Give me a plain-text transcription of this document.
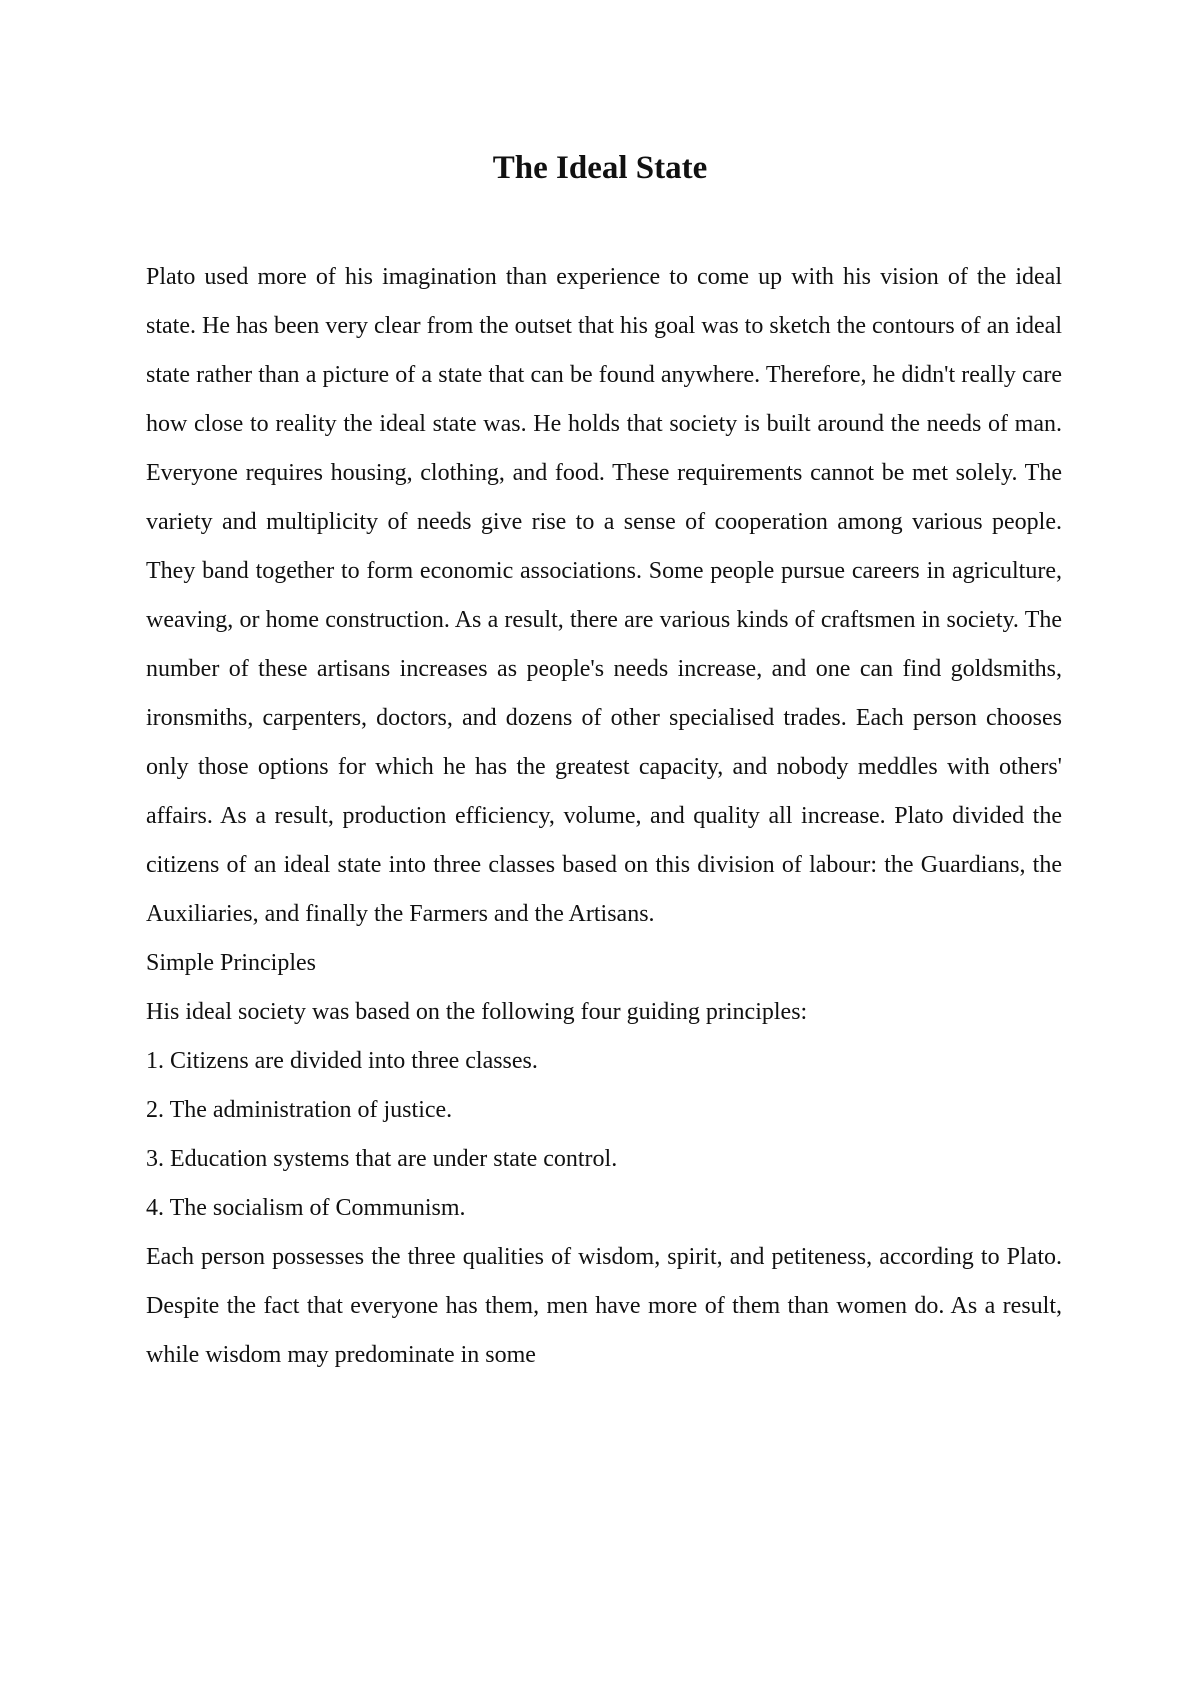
The Ideal State

Plato used more of his imagination than experience to come up with his vision of the ideal state. He has been very clear from the outset that his goal was to sketch the contours of an ideal state rather than a picture of a state that can be found anywhere. Therefore, he didn't really care how close to reality the ideal state was. He holds that society is built around the needs of man. Everyone requires housing, clothing, and food. These requirements cannot be met solely. The variety and multiplicity of needs give rise to a sense of cooperation among various people. They band together to form economic associations. Some people pursue careers in agriculture, weaving, or home construction. As a result, there are various kinds of craftsmen in society. The number of these artisans increases as people's needs increase, and one can find goldsmiths, ironsmiths, carpenters, doctors, and dozens of other specialised trades. Each person chooses only those options for which he has the greatest capacity, and nobody meddles with others' affairs. As a result, production efficiency, volume, and quality all increase. Plato divided the citizens of an ideal state into three classes based on this division of labour: the Guardians, the Auxiliaries, and finally the Farmers and the Artisans.

Simple Principles

His ideal society was based on the following four guiding principles:

1. Citizens are divided into three classes.

2. The administration of justice.

3. Education systems that are under state control.

4. The socialism of Communism.

Each person possesses the three qualities of wisdom, spirit, and petiteness, according to Plato. Despite the fact that everyone has them, men have more of them than women do. As a result, while wisdom may predominate in some
